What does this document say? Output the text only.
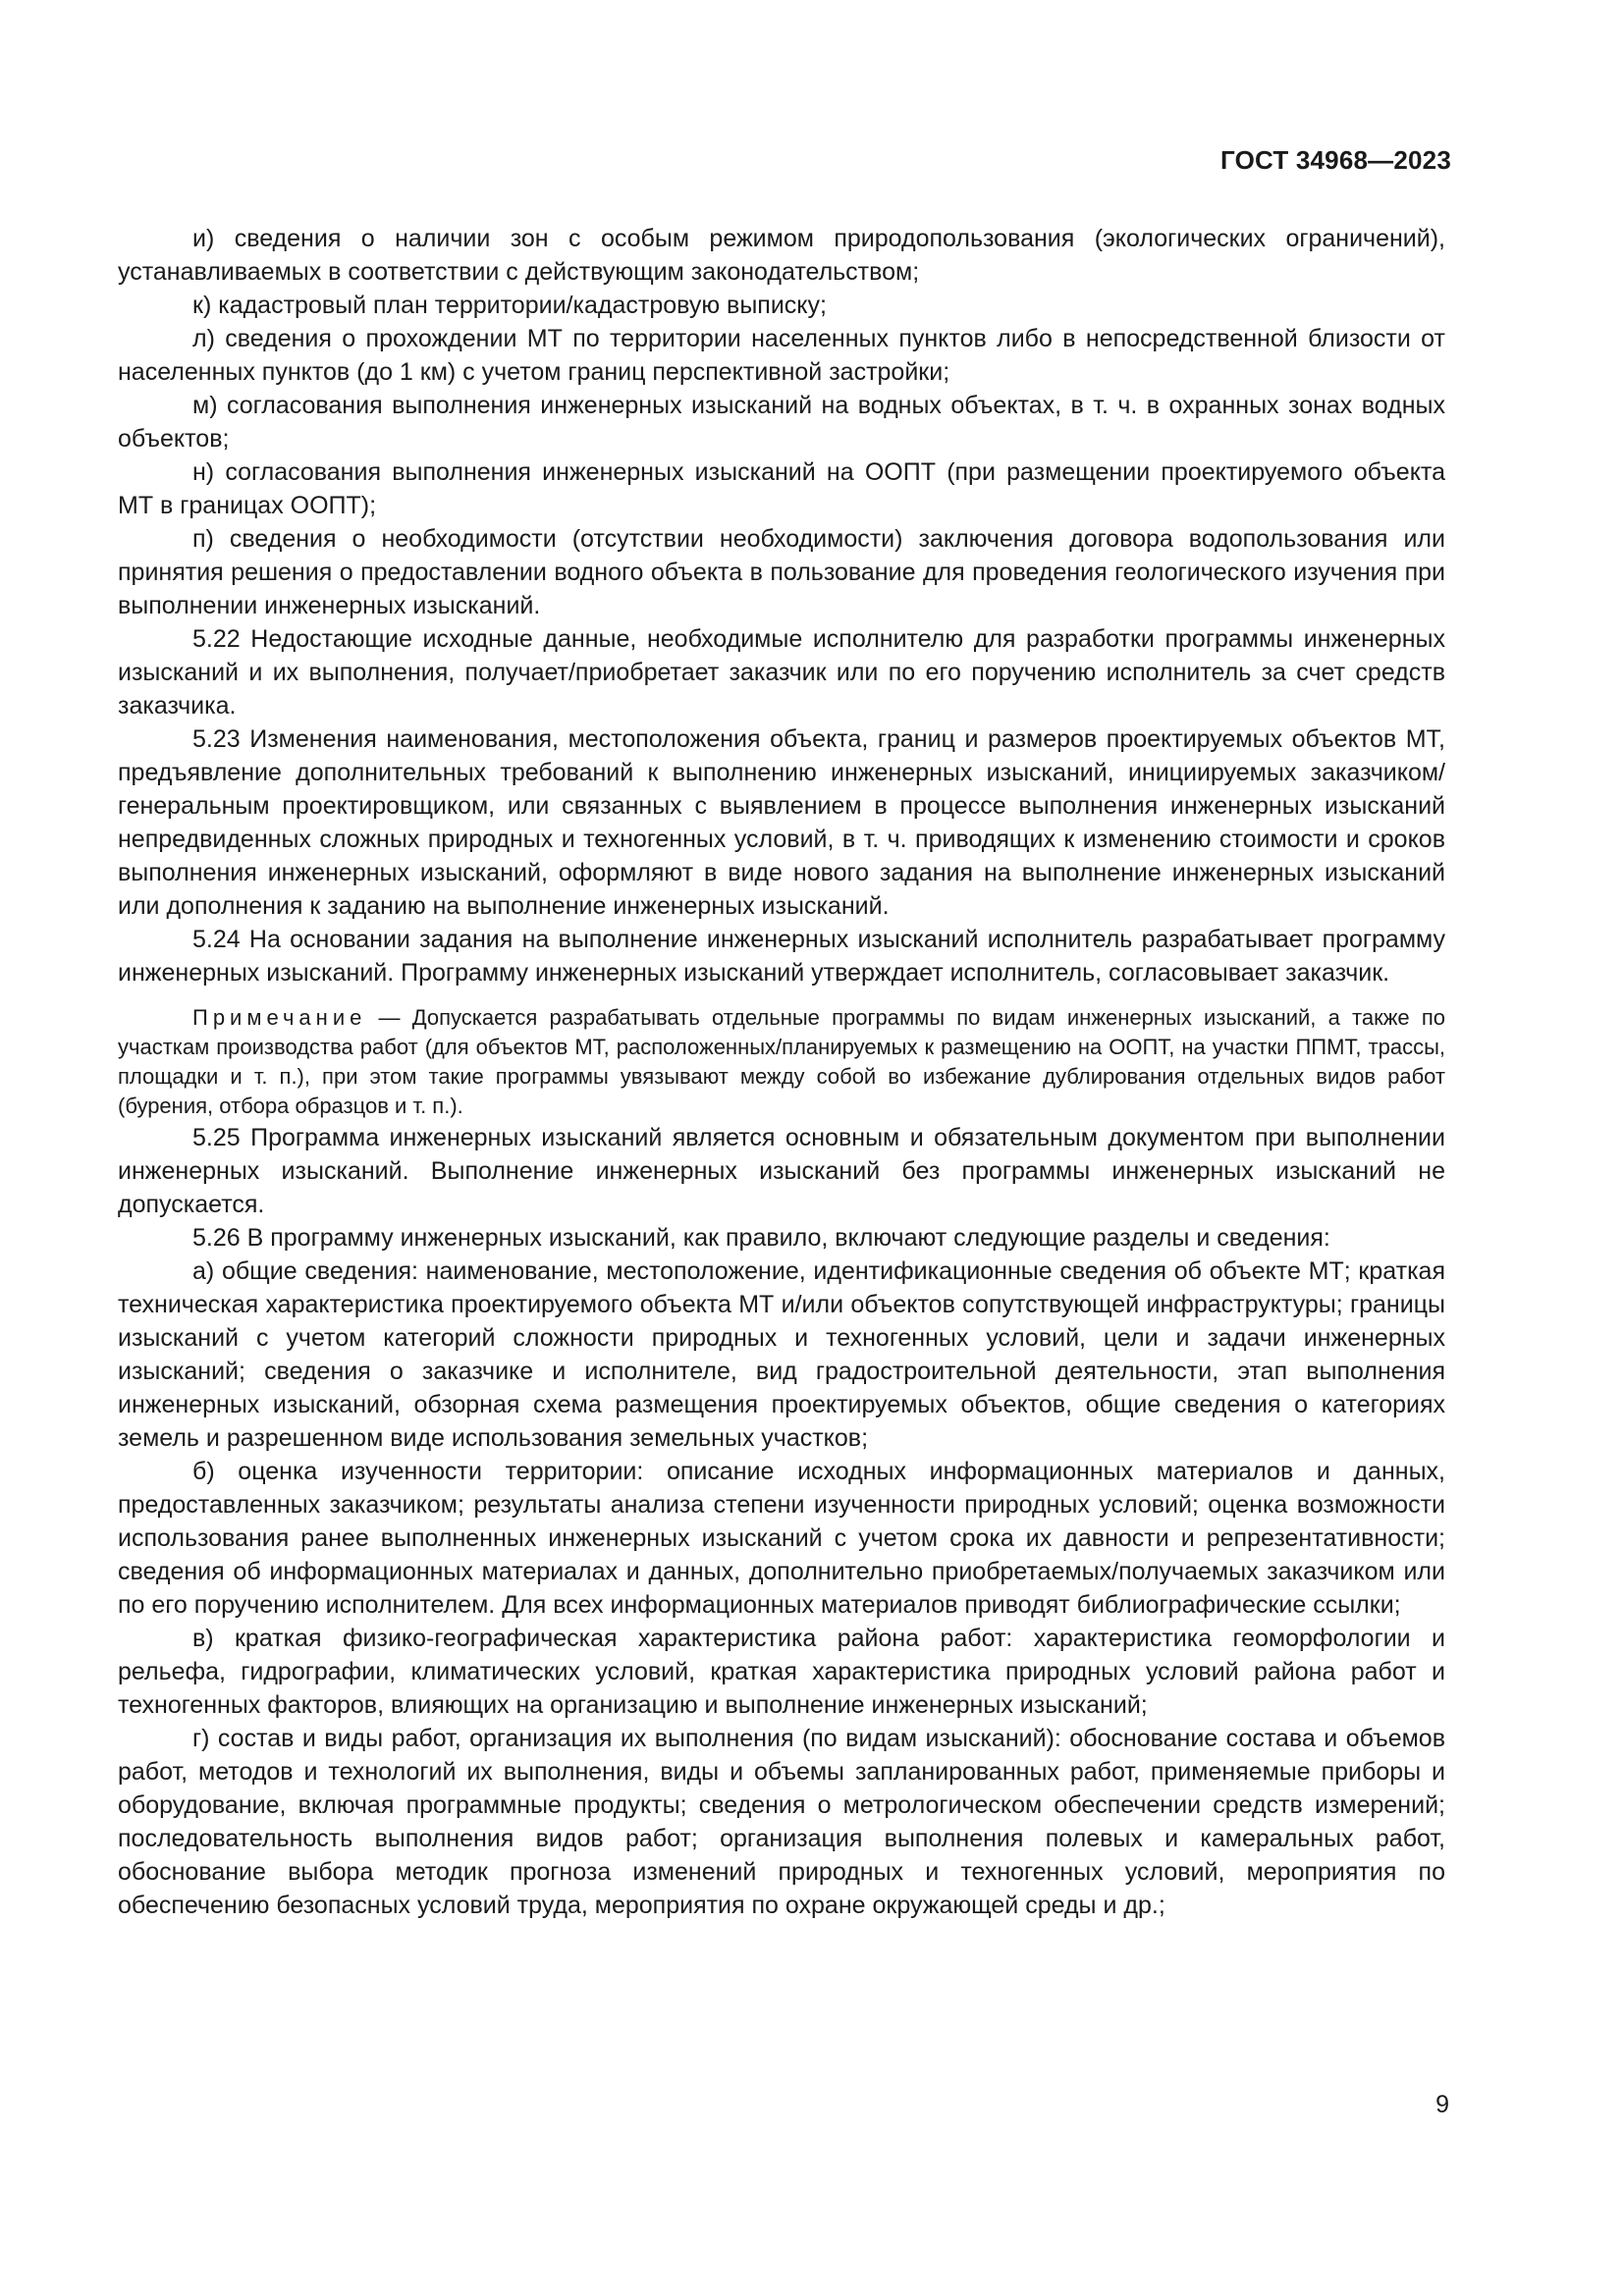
ГОСТ 34968—2023

и) сведения о наличии зон с особым режимом природопользования (экологических ограничений), устанавливаемых в соответствии с действующим законодательством;

к) кадастровый план территории/кадастровую выписку;

л) сведения о прохождении МТ по территории населенных пунктов либо в непосредственной близости от населенных пунктов (до 1 км) с учетом границ перспективной застройки;

м) согласования выполнения инженерных изысканий на водных объектах, в т. ч. в охранных зонах водных объектов;

н) согласования выполнения инженерных изысканий на ООПТ (при размещении проектируемого объекта МТ в границах ООПТ);

п) сведения о необходимости (отсутствии необходимости) заключения договора водопользования или принятия решения о предоставлении водного объекта в пользование для проведения геологического изучения при выполнении инженерных изысканий.

5.22 Недостающие исходные данные, необходимые исполнителю для разработки программы инженерных изысканий и их выполнения, получает/приобретает заказчик или по его поручению исполнитель за счет средств заказчика.

5.23 Изменения наименования, местоположения объекта, границ и размеров проектируемых объектов МТ, предъявление дополнительных требований к выполнению инженерных изысканий, инициируемых заказчиком/генеральным проектировщиком, или связанных с выявлением в процессе выполнения инженерных изысканий непредвиденных сложных природных и техногенных условий, в т. ч. приводящих к изменению стоимости и сроков выполнения инженерных изысканий, оформляют в виде нового задания на выполнение инженерных изысканий или дополнения к заданию на выполнение инженерных изысканий.

5.24 На основании задания на выполнение инженерных изысканий исполнитель разрабатывает программу инженерных изысканий. Программу инженерных изысканий утверждает исполнитель, согласовывает заказчик.

Примечание — Допускается разрабатывать отдельные программы по видам инженерных изысканий, а также по участкам производства работ (для объектов МТ, расположенных/планируемых к размещению на ООПТ, на участки ППМТ, трассы, площадки и т. п.), при этом такие программы увязывают между собой во избежание дублирования отдельных видов работ (бурения, отбора образцов и т. п.).

5.25 Программа инженерных изысканий является основным и обязательным документом при выполнении инженерных изысканий. Выполнение инженерных изысканий без программы инженерных изысканий не допускается.

5.26 В программу инженерных изысканий, как правило, включают следующие разделы и сведения:

а) общие сведения: наименование, местоположение, идентификационные сведения об объекте МТ; краткая техническая характеристика проектируемого объекта МТ и/или объектов сопутствующей инфраструктуры; границы изысканий с учетом категорий сложности природных и техногенных условий, цели и задачи инженерных изысканий; сведения о заказчике и исполнителе, вид градостроительной деятельности, этап выполнения инженерных изысканий, обзорная схема размещения проектируемых объектов, общие сведения о категориях земель и разрешенном виде использования земельных участков;

б) оценка изученности территории: описание исходных информационных материалов и данных, предоставленных заказчиком; результаты анализа степени изученности природных условий; оценка возможности использования ранее выполненных инженерных изысканий с учетом срока их давности и репрезентативности; сведения об информационных материалах и данных, дополнительно приобретаемых/получаемых заказчиком или по его поручению исполнителем. Для всех информационных материалов приводят библиографические ссылки;

в) краткая физико-географическая характеристика района работ: характеристика геоморфологии и рельефа, гидрографии, климатических условий, краткая характеристика природных условий района работ и техногенных факторов, влияющих на организацию и выполнение инженерных изысканий;

г) состав и виды работ, организация их выполнения (по видам изысканий): обоснование состава и объемов работ, методов и технологий их выполнения, виды и объемы запланированных работ, применяемые приборы и оборудование, включая программные продукты; сведения о метрологическом обеспечении средств измерений; последовательность выполнения видов работ; организация выполнения полевых и камеральных работ, обоснование выбора методик прогноза изменений природных и техногенных условий, мероприятия по обеспечению безопасных условий труда, мероприятия по охране окружающей среды и др.;

9
